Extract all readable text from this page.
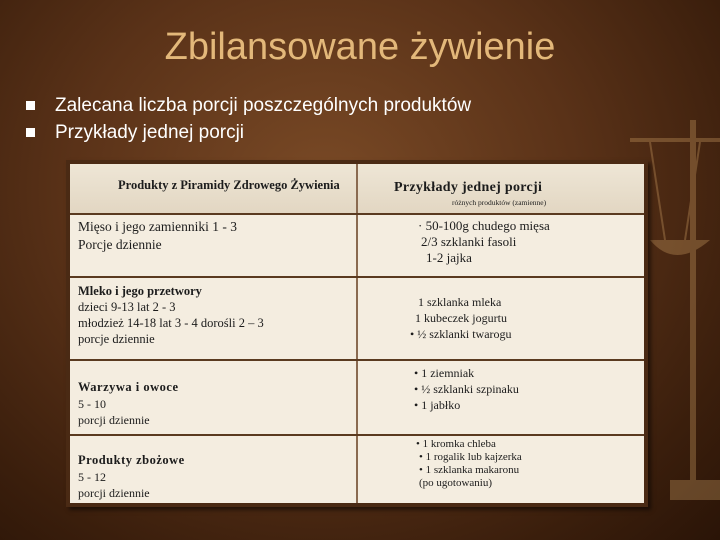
Zbilansowane żywienie
Zalecana liczba porcji poszczególnych produktów
Przykłady jednej porcji
Produkty z Piramidy Zdrowego Żywienia	Przykłady jednej porcji
różnych produktów (zamienne)
Mięso i jego zamienniki 1 - 3
Porcje dziennie
· 50-100g chudego mięsa
2/3 szklanki fasoli
1-2 jajka
Mleko i jego przetwory
dzieci 9-13 lat 2 - 3
młodzież 14-18 lat 3 - 4 dorośli 2 – 3
porcje dziennie
1 szklanka mleka
1 kubeczek jogurtu
• ½ szklanki twarogu
Warzywa i owoce
5 - 10
porcji dziennie
• 1 ziemniak
• ½ szklanki szpinaku
• 1 jabłko
Produkty zbożowe
5 - 12
porcji dziennie
• 1 kromka chleba
• 1 rogalik lub kajzerka
• 1 szklanka makaronu
(po ugotowaniu)
